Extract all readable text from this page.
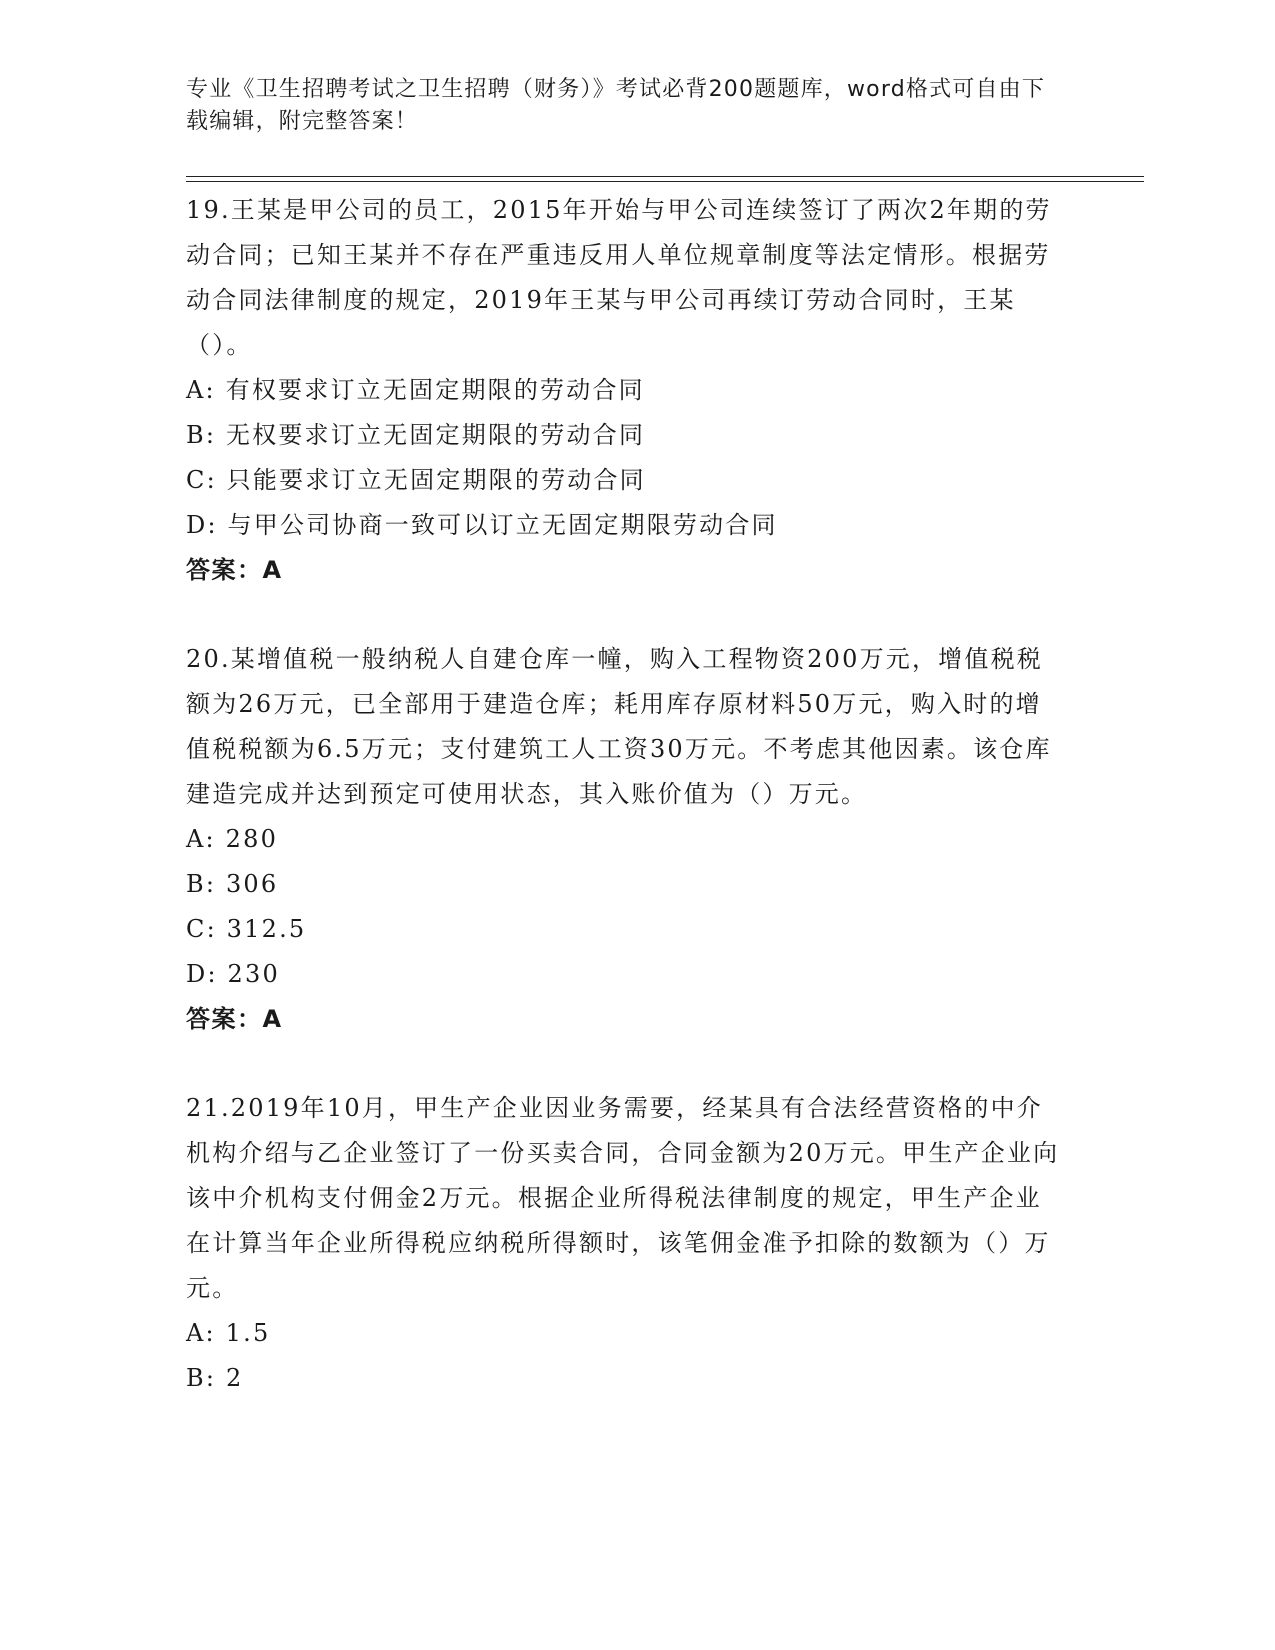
专业《卫生招聘考试之卫生招聘（财务）》考试必背200题题库，word格式可自由下载编辑，附完整答案！
19.王某是甲公司的员工，2015年开始与甲公司连续签订了两次2年期的劳动合同；已知王某并不存在严重违反用人单位规章制度等法定情形。根据劳动合同法律制度的规定，2019年王某与甲公司再续订劳动合同时，王某（）。
A: 有权要求订立无固定期限的劳动合同
B: 无权要求订立无固定期限的劳动合同
C: 只能要求订立无固定期限的劳动合同
D: 与甲公司协商一致可以订立无固定期限劳动合同
答案：A
20.某增值税一般纳税人自建仓库一幢，购入工程物资200万元，增值税税额为26万元，已全部用于建造仓库；耗用库存原材料50万元，购入时的增值税税额为6.5万元；支付建筑工人工资30万元。不考虑其他因素。该仓库建造完成并达到预定可使用状态，其入账价值为（）万元。
A: 280
B: 306
C: 312.5
D: 230
答案：A
21.2019年10月，甲生产企业因业务需要，经某具有合法经营资格的中介机构介绍与乙企业签订了一份买卖合同，合同金额为20万元。甲生产企业向该中介机构支付佣金2万元。根据企业所得税法律制度的规定，甲生产企业在计算当年企业所得税应纳税所得额时，该笔佣金准予扣除的数额为（）万元。
A: 1.5
B: 2
